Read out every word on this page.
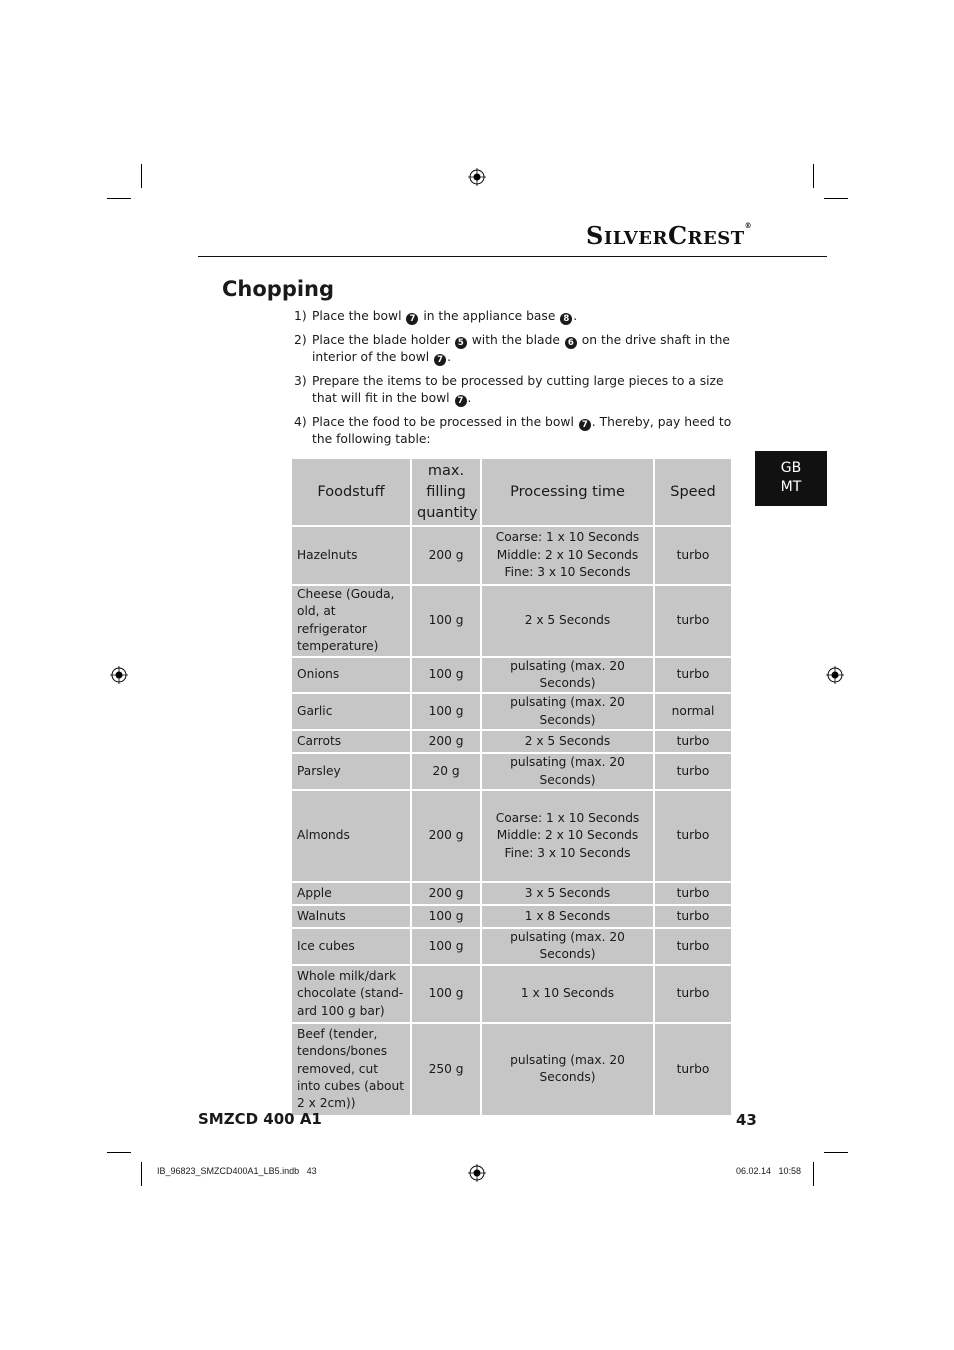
SILVERCREST®
Chopping
1) Place the bowl 7 in the appliance base 8 .
2) Place the blade holder 5 with the blade 6 on the drive shaft in the interior of the bowl 7 .
3) Prepare the items to be processed by cutting large pieces to a size that will fit in the bowl 7 .
4) Place the food to be processed in the bowl 7 . Thereby, pay heed to the following table:
GB
MT
Foodstuff	max. filling quantity	Processing time	Speed
Hazelnuts	200 g	Coarse: 1 x 10 Seconds
Middle: 2 x 10 Seconds
Fine: 3 x 10 Seconds	turbo
Cheese (Gouda, old, at refrigerator temperature)	100 g	2 x 5 Seconds	turbo
Onions	100 g	pulsating (max. 20 Seconds)	turbo
Garlic	100 g	pulsating (max. 20 Seconds)	normal
Carrots	200 g	2 x 5 Seconds	turbo
Parsley	20 g	pulsating (max. 20 Seconds)	turbo
Almonds	200 g	Coarse: 1 x 10 Seconds
Middle: 2 x 10 Seconds
Fine: 3 x 10 Seconds	turbo
Apple	200 g	3 x 5 Seconds	turbo
Walnuts	100 g	1 x 8 Seconds	turbo
Ice cubes	100 g	pulsating (max. 20 Seconds)	turbo
Whole milk/dark chocolate (stand-ard 100 g bar)	100 g	1 x 10 Seconds	turbo
Beef (tender, tendons/bones removed, cut into cubes (about 2 x 2cm))	250 g	pulsating (max. 20 Seconds)	turbo
SMZCD 400 A1	43
IB_96823_SMZCD400A1_LB5.indb   43	06.02.14   10:58
